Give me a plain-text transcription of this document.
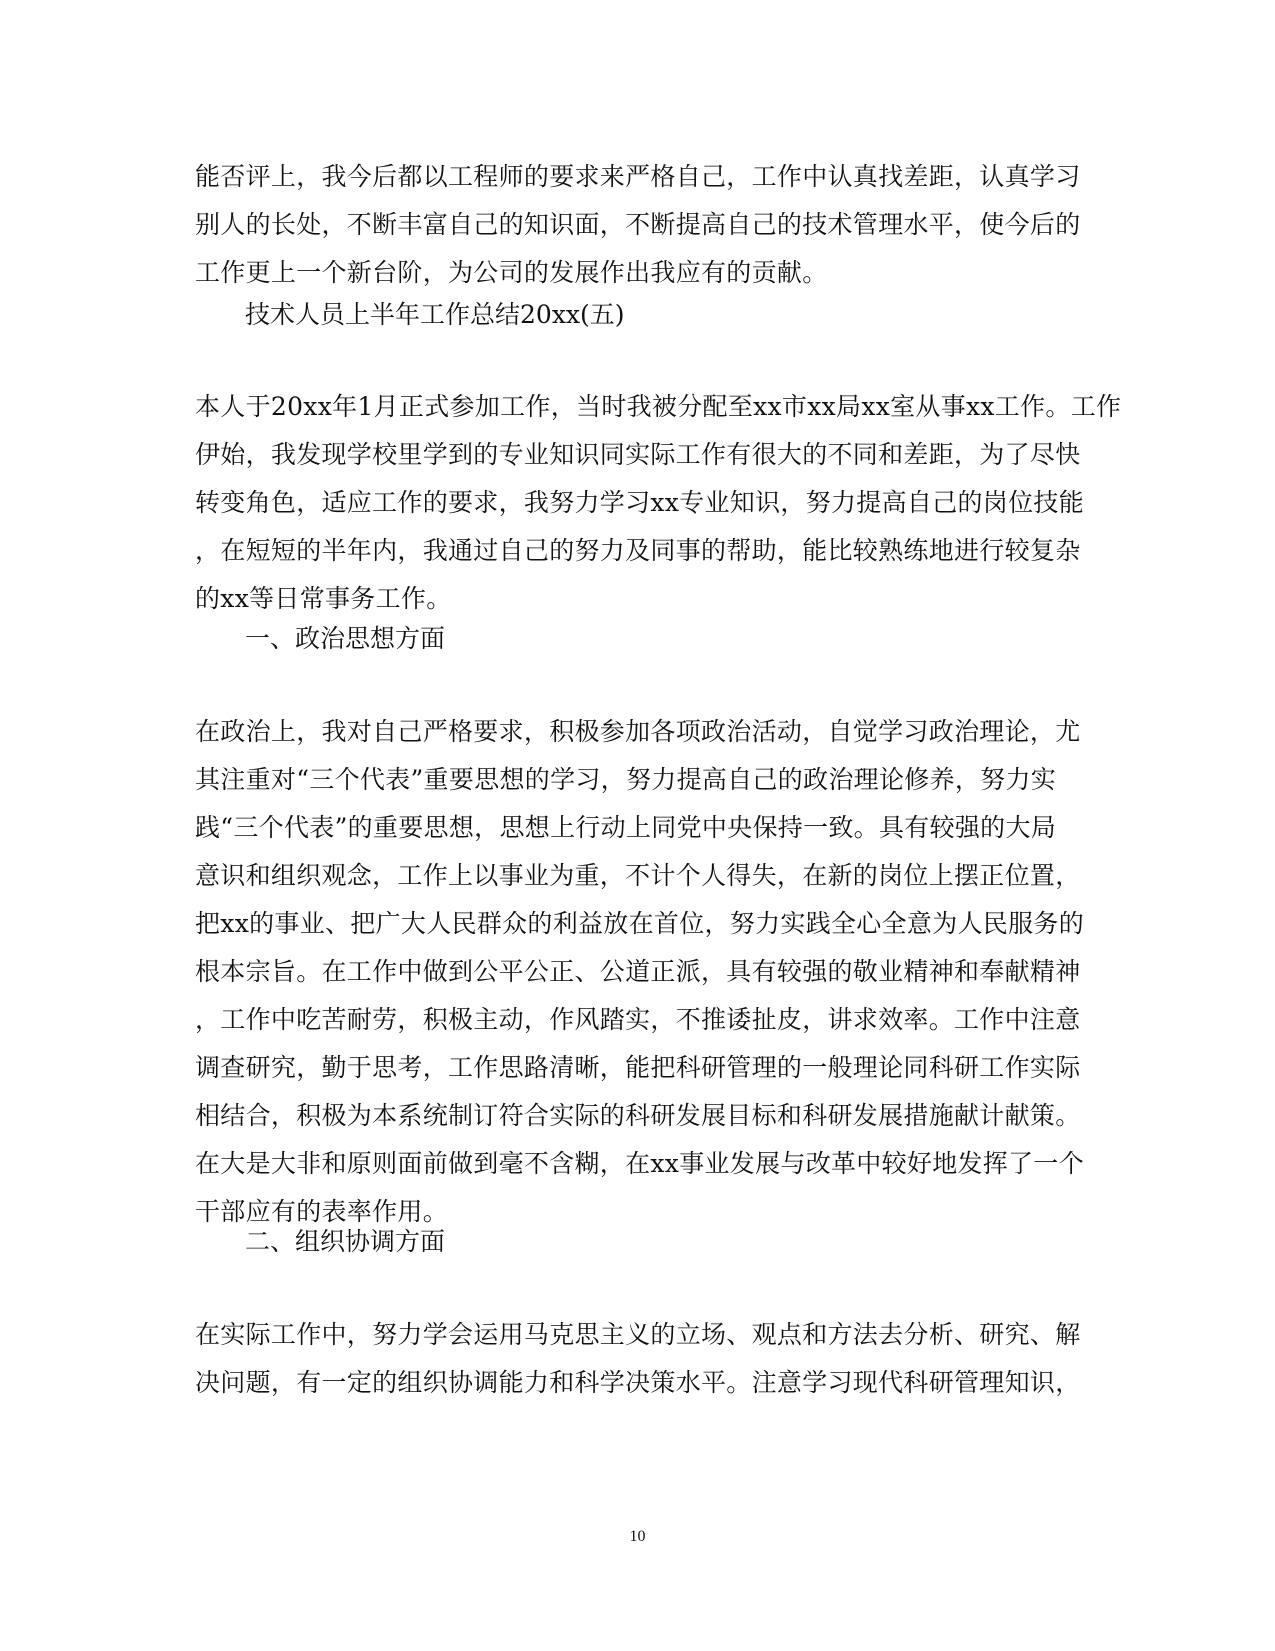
能否评上，我今后都以工程师的要求来严格自己，工作中认真找差距，认真学习
别人的长处，不断丰富自己的知识面，不断提高自己的技术管理水平，使今后的
工作更上一个新台阶，为公司的发展作出我应有的贡献。
技术人员上半年工作总结20xx(五)
本人于20xx年1月正式参加工作，当时我被分配至xx市xx局xx室从事xx工作。工作
伊始，我发现学校里学到的专业知识同实际工作有很大的不同和差距，为了尽快
转变角色，适应工作的要求，我努力学习xx专业知识，努力提高自己的岗位技能
，在短短的半年内，我通过自己的努力及同事的帮助，能比较熟练地进行较复杂
的xx等日常事务工作。
一、政治思想方面
在政治上，我对自己严格要求，积极参加各项政治活动，自觉学习政治理论，尤
其注重对“三个代表”重要思想的学习，努力提高自己的政治理论修养，努力实
践“三个代表”的重要思想，思想上行动上同党中央保持一致。具有较强的大局
意识和组织观念，工作上以事业为重，不计个人得失，在新的岗位上摆正位置，
把xx的事业、把广大人民群众的利益放在首位，努力实践全心全意为人民服务的
根本宗旨。在工作中做到公平公正、公道正派，具有较强的敬业精神和奉献精神
，工作中吃苦耐劳，积极主动，作风踏实，不推诿扯皮，讲求效率。工作中注意
调查研究，勤于思考，工作思路清晰，能把科研管理的一般理论同科研工作实际
相结合，积极为本系统制订符合实际的科研发展目标和科研发展措施献计献策。
在大是大非和原则面前做到毫不含糊，在xx事业发展与改革中较好地发挥了一个
干部应有的表率作用。
二、组织协调方面
在实际工作中，努力学会运用马克思主义的立场、观点和方法去分析、研究、解
决问题，有一定的组织协调能力和科学决策水平。注意学习现代科研管理知识，
10
